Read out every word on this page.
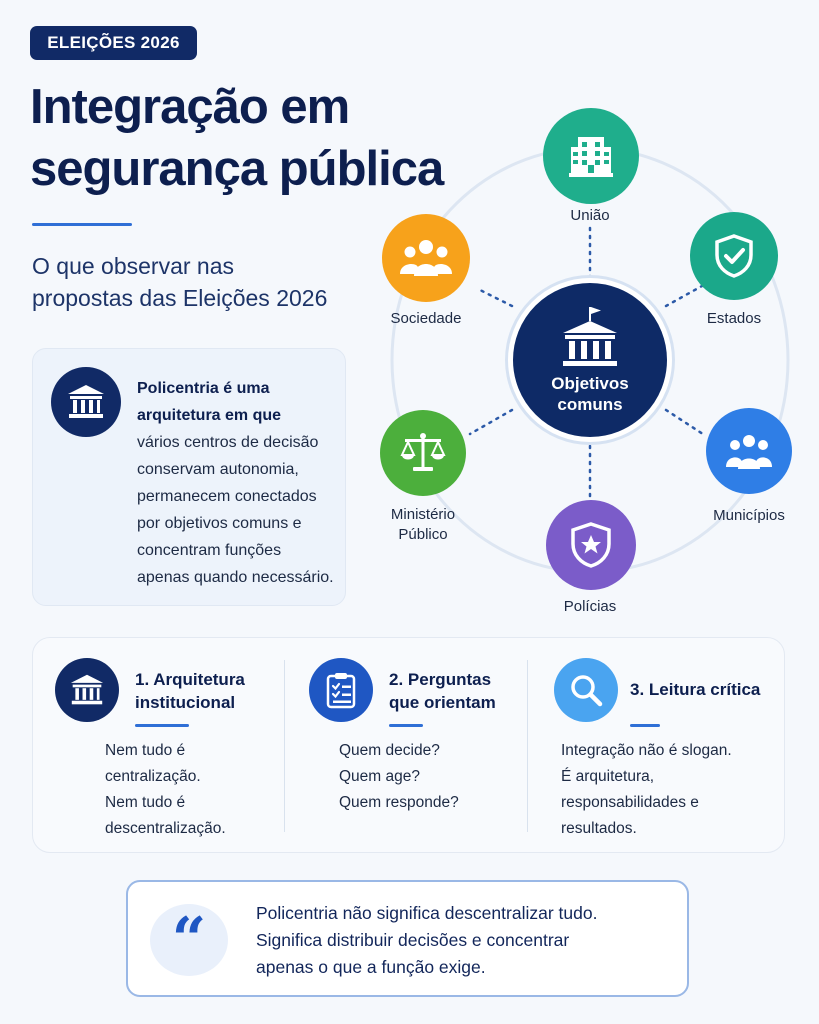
ELEIÇÕES 2026
Integração em
segurança pública
O que observar nas
propostas das Eleições 2026
Policentria é uma
arquitetura em que
vários centros de decisão
conservam autonomia,
permanecem conectados
por objetivos comuns e
concentram funções
apenas quando necessário.
União
Estados
Municípios
Polícias
Ministério
Público
Sociedade
Objetivos
comuns
1. Arquitetura
institucional
Nem tudo é
centralização.
Nem tudo é
descentralização.
2. Perguntas
que orientam
Quem decide?
Quem age?
Quem responde?
3. Leitura crítica
Integração não é slogan.
É arquitetura,
responsabilidades e
resultados.
“	Policentria não significa descentralizar tudo.
Significa distribuir decisões e concentrar
apenas o que a função exige.
